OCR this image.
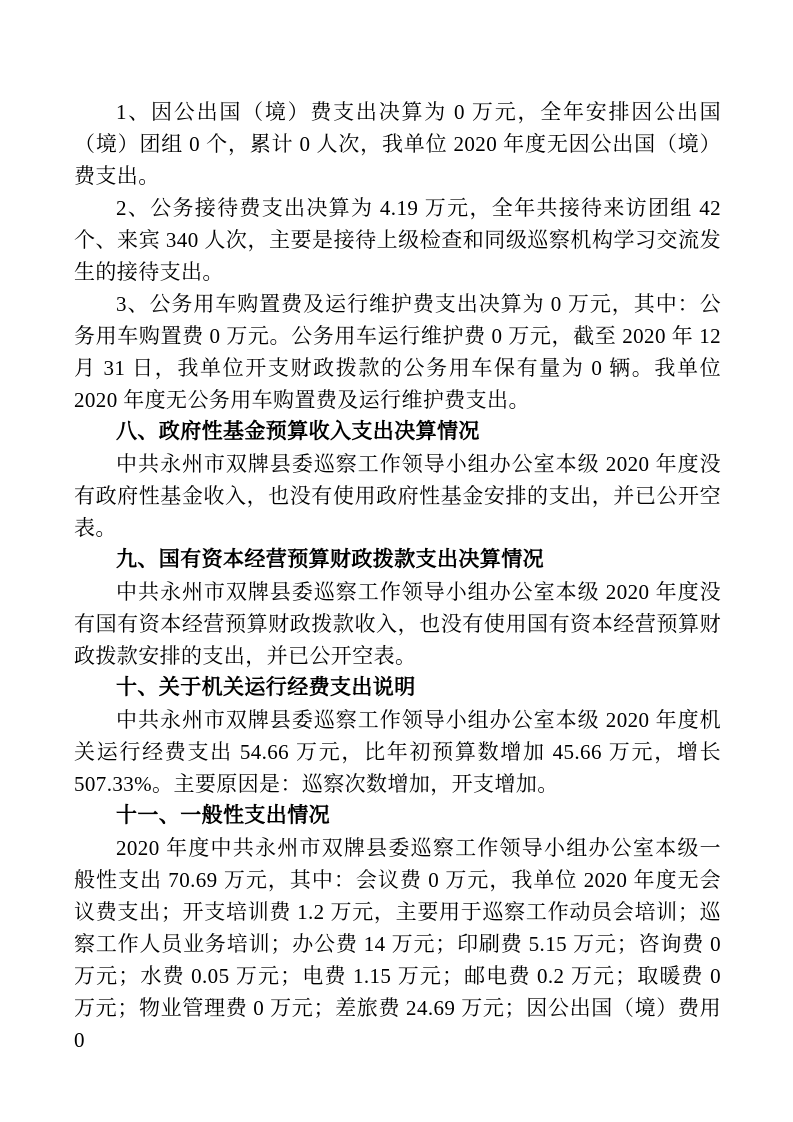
1、因公出国（境）费支出决算为 0 万元，全年安排因公出国（境）团组 0 个，累计 0 人次，我单位 2020 年度无因公出国（境）费支出。

2、公务接待费支出决算为 4.19 万元，全年共接待来访团组 42 个、来宾 340 人次，主要是接待上级检查和同级巡察机构学习交流发生的接待支出。

3、公务用车购置费及运行维护费支出决算为 0 万元，其中：公务用车购置费 0 万元。公务用车运行维护费 0 万元，截至 2020 年 12 月 31 日，我单位开支财政拨款的公务用车保有量为 0 辆。我单位 2020 年度无公务用车购置费及运行维护费支出。

八、政府性基金预算收入支出决算情况

中共永州市双牌县委巡察工作领导小组办公室本级 2020 年度没有政府性基金收入，也没有使用政府性基金安排的支出，并已公开空表。

九、国有资本经营预算财政拨款支出决算情况

中共永州市双牌县委巡察工作领导小组办公室本级 2020 年度没有国有资本经营预算财政拨款收入，也没有使用国有资本经营预算财政拨款安排的支出，并已公开空表。

十、关于机关运行经费支出说明

中共永州市双牌县委巡察工作领导小组办公室本级 2020 年度机关运行经费支出 54.66 万元，比年初预算数增加 45.66 万元，增长 507.33%。主要原因是：巡察次数增加，开支增加。

十一、一般性支出情况

2020 年度中共永州市双牌县委巡察工作领导小组办公室本级一般性支出 70.69 万元，其中：会议费 0 万元，我单位 2020 年度无会议费支出；开支培训费 1.2 万元，主要用于巡察工作动员会培训；巡察工作人员业务培训；办公费 14 万元；印刷费 5.15 万元；咨询费 0 万元；水费 0.05 万元；电费 1.15 万元；邮电费 0.2 万元；取暖费 0 万元；物业管理费 0 万元；差旅费 24.69 万元；因公出国（境）费用 0
